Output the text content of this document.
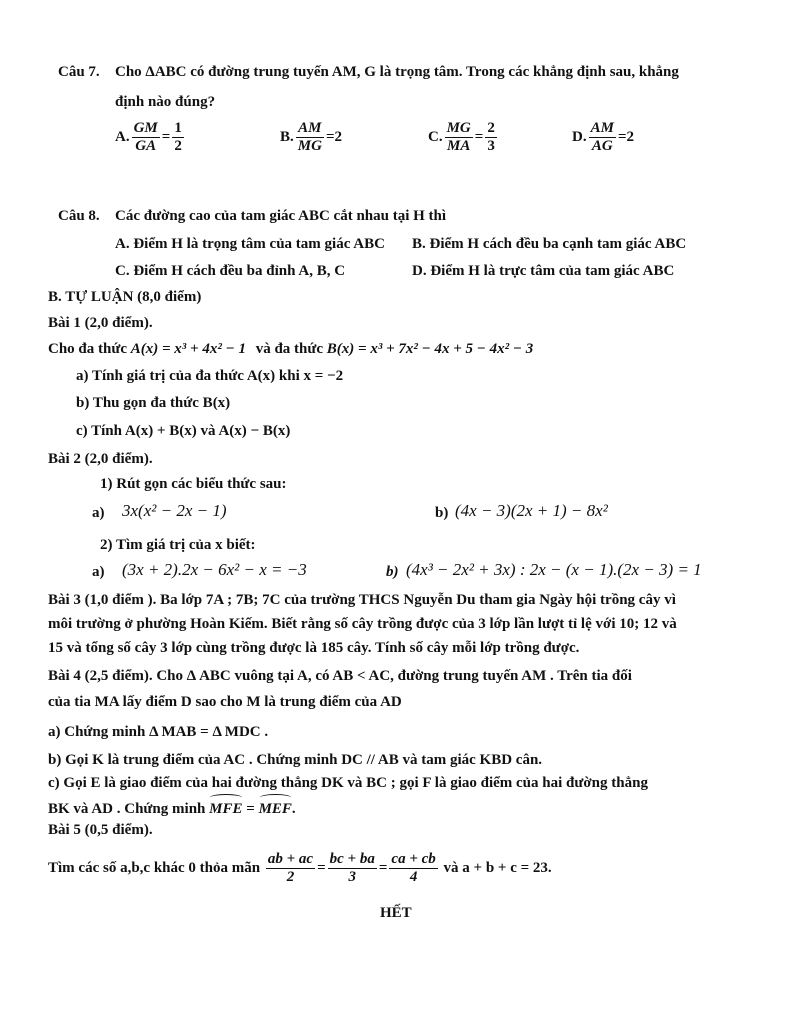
Câu 7. Cho ΔABC có đường trung tuyến AM, G là trọng tâm. Trong các khẳng định sau, khẳng
định nào đúng?
A. $\frac{GM}{GA} = \frac{1}{2}$	B. $\frac{AM}{MG} =2$	C. $\frac{MG}{MA} = \frac{2}{3}$	D. $\frac{AM}{AG} =2$
Câu 8. Các đường cao của tam giác ABC cắt nhau tại H thì
A. Điểm H là trọng tâm của tam giác ABC B. Điểm H cách đều ba cạnh tam giác ABC
C. Điểm H cách đều ba đỉnh A, B, C	D. Điểm H là trực tâm của tam giác ABC
B. TỰ LUẬN (8,0 điểm)
Bài 1 (2,0 điểm).
Cho đa thức A(x) = x³ + 4x² − 1 và đa thức B(x) = x³ + 7x² − 4x + 5 − 4x² − 3
a) Tính giá trị của đa thức A(x) khi x = −2
b) Thu gọn đa thức B(x)
c) Tính A(x) + B(x) và A(x) − B(x)
Bài 2 (2,0 điểm).
1) Rút gọn các biểu thức sau:
a) 3x(x² − 2x − 1)	b) (4x − 3)(2x + 1) − 8x²
2) Tìm giá trị của x biết:
a) (3x + 2).2x − 6x² − x = −3	b) (4x³ − 2x² + 3x) : 2x − (x − 1).(2x − 3) = 1
Bài 3 (1,0 điểm ). Ba lớp 7A ; 7B; 7C của trường THCS Nguyễn Du tham gia Ngày hội trồng cây vì
môi trường ở phường Hoàn Kiếm. Biết rằng số cây trồng được của 3 lớp lần lượt tỉ lệ với 10; 12 và
15 và tổng số cây 3 lớp cùng trồng được là 185 cây. Tính số cây mỗi lớp trồng được.
Bài 4 (2,5 điểm). Cho Δ ABC vuông tại A, có AB < AC, đường trung tuyến AM . Trên tia đối
của tia MA lấy điểm D sao cho M là trung điểm của AD
a) Chứng minh Δ MAB = Δ MDC .
b) Gọi K là trung điểm của AC . Chứng minh DC // AB và tam giác KBD cân.
c) Gọi E là giao điểm của hai đường thẳng DK và BC ; gọi F là giao điểm của hai đường thẳng
BK và AD . Chứng minh MFE = MEF.
Bài 5 (0,5 điểm).
Tìm các số a,b,c khác 0 thỏa mãn $\frac{ab + ac}{2} = \frac{bc + ba}{3} = \frac{ca + cb}{4}$ và a + b + c = 23.
HẾT
